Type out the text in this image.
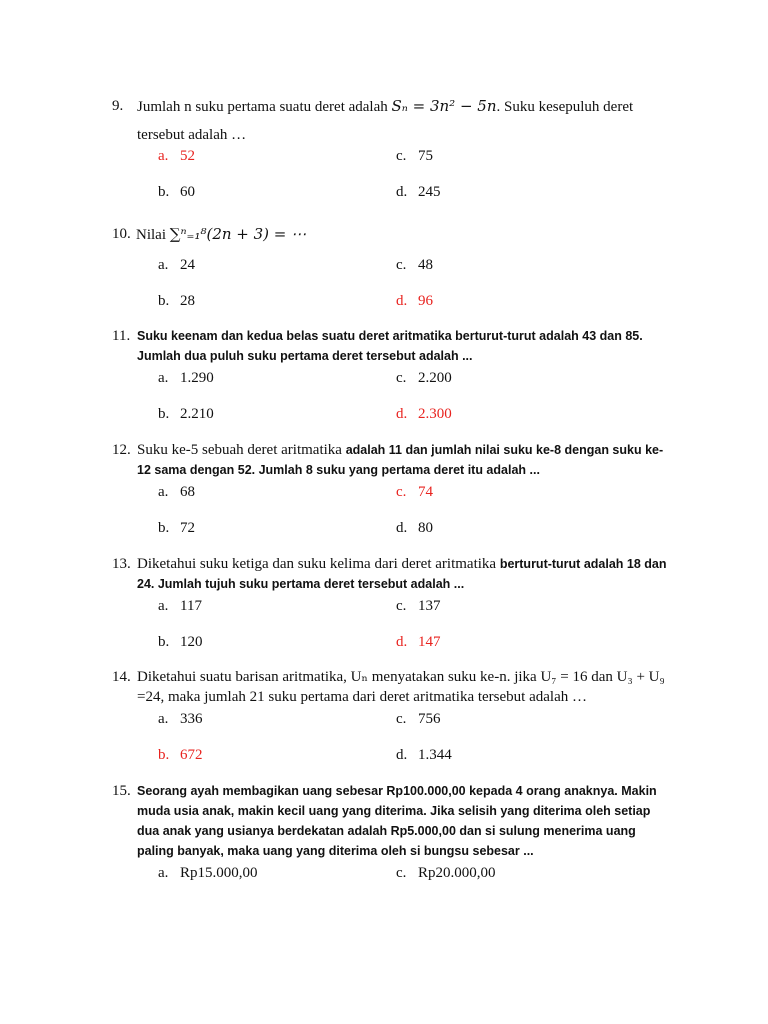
9. Jumlah n suku pertama suatu deret adalah Sₙ = 3n² − 5n. Suku kesepuluh deret tersebut adalah …
a. 52
b. 60
c. 75
d. 245
10. Nilai ∑ⁿ₌₁⁸(2n + 3) = ⋯
a. 24
b. 28
c. 48
d. 96
11. Suku keenam dan kedua belas suatu deret aritmatika berturut-turut adalah 43 dan 85. Jumlah dua puluh suku pertama deret tersebut adalah ...
a. 1.290
b. 2.210
c. 2.200
d. 2.300
12. Suku ke-5 sebuah deret aritmatika adalah 11 dan jumlah nilai suku ke-8 dengan suku ke-12 sama dengan 52. Jumlah 8 suku yang pertama deret itu adalah ...
a. 68
b. 72
c. 74
d. 80
13. Diketahui suku ketiga dan suku kelima dari deret aritmatika berturut-turut adalah 18 dan 24. Jumlah tujuh suku pertama deret tersebut adalah ...
a. 117
b. 120
c. 137
d. 147
14. Diketahui suatu barisan aritmatika, Uₙ menyatakan suku ke-n. jika U₇ = 16 dan U₃ + U₉ =24, maka jumlah 21 suku pertama dari deret aritmatika tersebut adalah …
a. 336
b. 672
c. 756
d. 1.344
15. Seorang ayah membagikan uang sebesar Rp100.000,00 kepada 4 orang anaknya. Makin muda usia anak, makin kecil uang yang diterima. Jika selisih yang diterima oleh setiap dua anak yang usianya berdekatan adalah Rp5.000,00 dan si sulung menerima uang paling banyak, maka uang yang diterima oleh si bungsu sebesar ...
a. Rp15.000,00	c. Rp20.000,00
